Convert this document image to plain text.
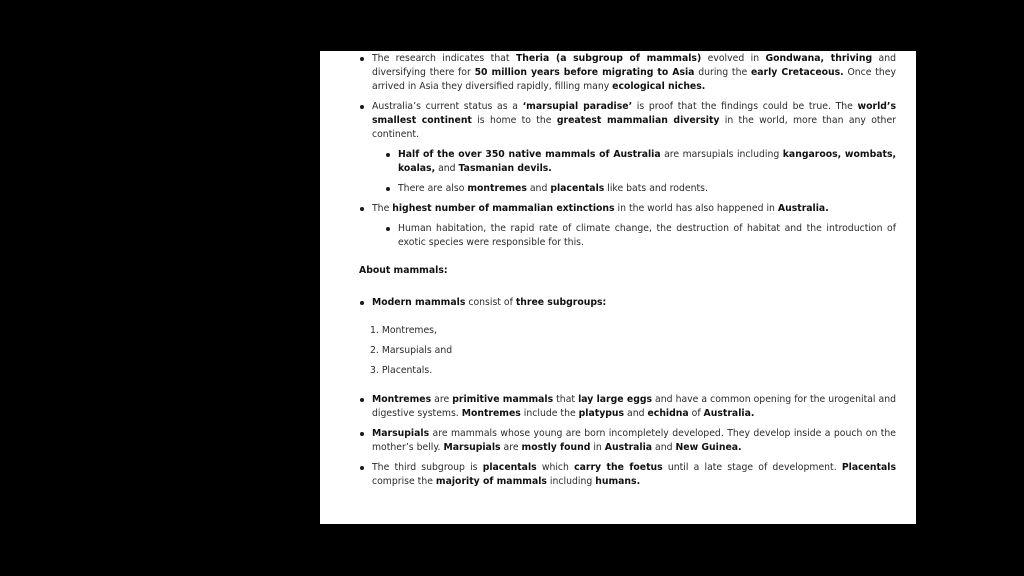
The research indicates that Theria (a subgroup of mammals) evolved in Gondwana, thriving and diversifying there for 50 million years before migrating to Asia during the early Cretaceous. Once they arrived in Asia they diversified rapidly, filling many ecological niches.
Australia’s current status as a ‘marsupial paradise’ is proof that the findings could be true. The world’s smallest continent is home to the greatest mammalian diversity in the world, more than any other continent.
Half of the over 350 native mammals of Australia are marsupials including kangaroos, wombats, koalas, and Tasmanian devils.
There are also montremes and placentals like bats and rodents.
The highest number of mammalian extinctions in the world has also happened in Australia.
Human habitation, the rapid rate of climate change, the destruction of habitat and the introduction of exotic species were responsible for this.
About mammals:
Modern mammals consist of three subgroups:
1. Montremes,
2. Marsupials and
3. Placentals.
Montremes are primitive mammals that lay large eggs and have a common opening for the urogenital and digestive systems. Montremes include the platypus and echidna of Australia.
Marsupials are mammals whose young are born incompletely developed. They develop inside a pouch on the mother’s belly. Marsupials are mostly found in Australia and New Guinea.
The third subgroup is placentals which carry the foetus until a late stage of development. Placentals comprise the majority of mammals including humans.
